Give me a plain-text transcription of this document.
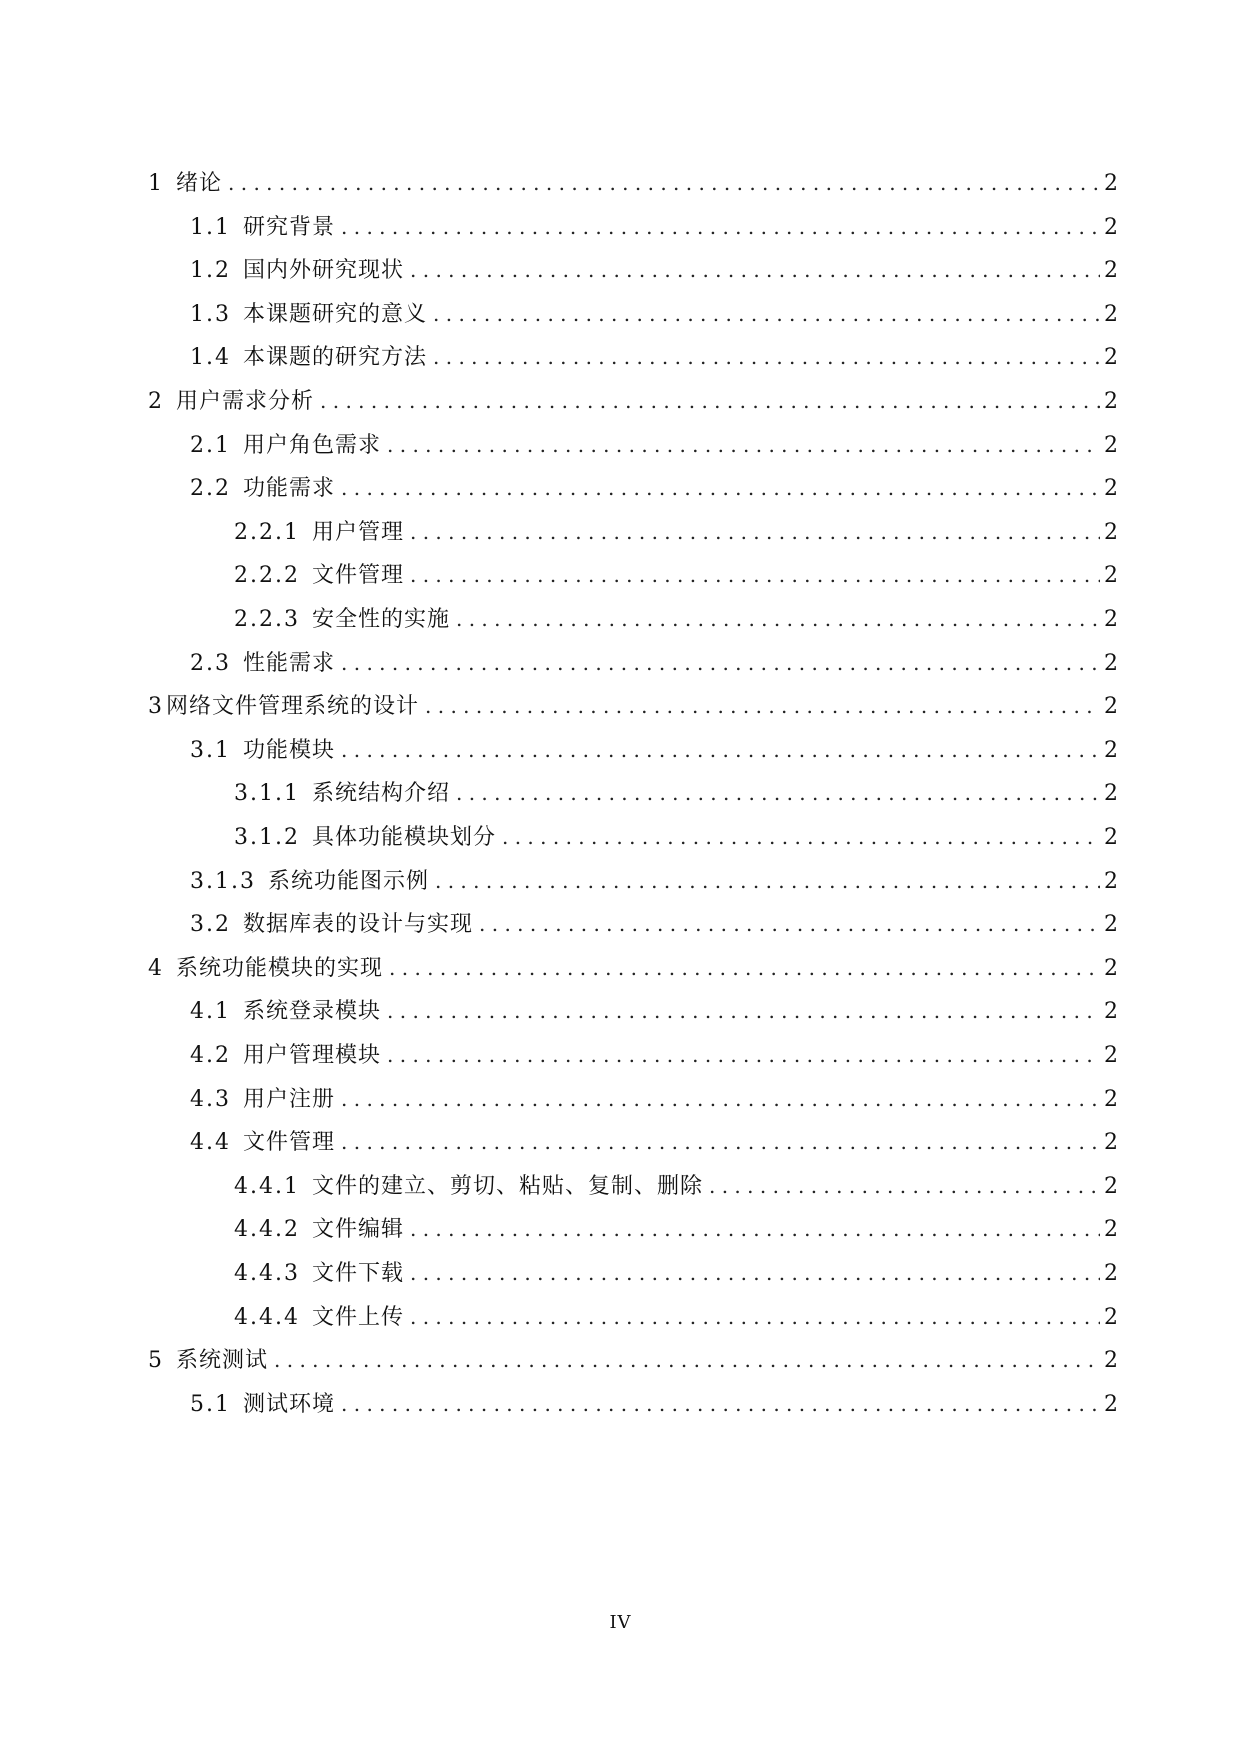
1 绪论 . . .	2
1.1 研究背景 . . .	2
1.2 国内外研究现状 . . .	2
1.3 本课题研究的意义 . . .	2
1.4 本课题的研究方法 . . .	2
2 用户需求分析 . . .	2
2.1 用户角色需求 . . .	2
2.2 功能需求 . . .	2
2.2.1 用户管理 . . .	2
2.2.2 文件管理 . . .	2
2.2.3 安全性的实施 . . .	2
2.3 性能需求 . . .	2
3 网络文件管理系统的设计 . . .	2
3.1 功能模块 . . .	2
3.1.1 系统结构介绍 . . .	2
3.1.2 具体功能模块划分 . . .	2
3.1.3 系统功能图示例 . . .	2
3.2 数据库表的设计与实现 . . .	2
4 系统功能模块的实现 . . .	2
4.1 系统登录模块 . . .	2
4.2 用户管理模块 . . .	2
4.3 用户注册 . . .	2
4.4 文件管理 . . .	2
4.4.1 文件的建立、剪切、粘贴、复制、删除 . . .	2
4.4.2 文件编辑 . . .	2
4.4.3 文件下载 . . .	2
4.4.4 文件上传 . . .	2
5 系统测试 . . .	2
5.1 测试环境 . . .	2
IV
